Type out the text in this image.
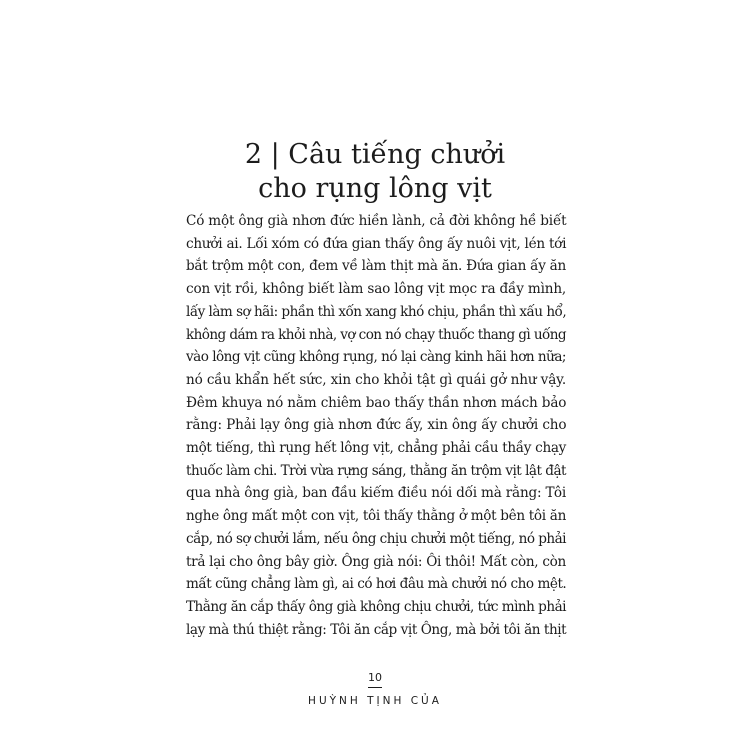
2 | Câu tiếng chưởi
cho rụng lông vịt
Có một ông già nhơn đức hiền lành, cả đời không hề biết
chưởi ai. Lối xóm có đứa gian thấy ông ấy nuôi vịt, lén tới
bắt trộm một con, đem về làm thịt mà ăn. Đứa gian ấy ăn
con vịt rồi, không biết làm sao lông vịt mọc ra đầy mình,
lấy làm sợ hãi: phần thì xốn xang khó chịu, phần thì xấu hổ,
không dám ra khỏi nhà, vợ con nó chạy thuốc thang gì uống
vào lông vịt cũng không rụng, nó lại càng kinh hãi hơn nữa;
nó cầu khẩn hết sức, xin cho khỏi tật gì quái gở như vậy.
Đêm khuya nó nằm chiêm bao thấy thần nhơn mách bảo
rằng: Phải lạy ông già nhơn đức ấy, xin ông ấy chưởi cho
một tiếng, thì rụng hết lông vịt, chẳng phải cầu thầy chạy
thuốc làm chi. Trời vừa rựng sáng, thằng ăn trộm vịt lật đật
qua nhà ông già, ban đầu kiếm điều nói dối mà rằng: Tôi
nghe ông mất một con vịt, tôi thấy thằng ở một bên tôi ăn
cắp, nó sợ chưởi lắm, nếu ông chịu chưởi một tiếng, nó phải
trả lại cho ông bây giờ. Ông già nói: Ôi thôi! Mất còn, còn
mất cũng chẳng làm gì, ai có hơi đâu mà chưởi nó cho mệt.
Thằng ăn cắp thấy ông già không chịu chưởi, tức mình phải
lạy mà thú thiệt rằng: Tôi ăn cắp vịt Ông, mà bởi tôi ăn thịt
10
HUỲNH TỊNH CỦA
